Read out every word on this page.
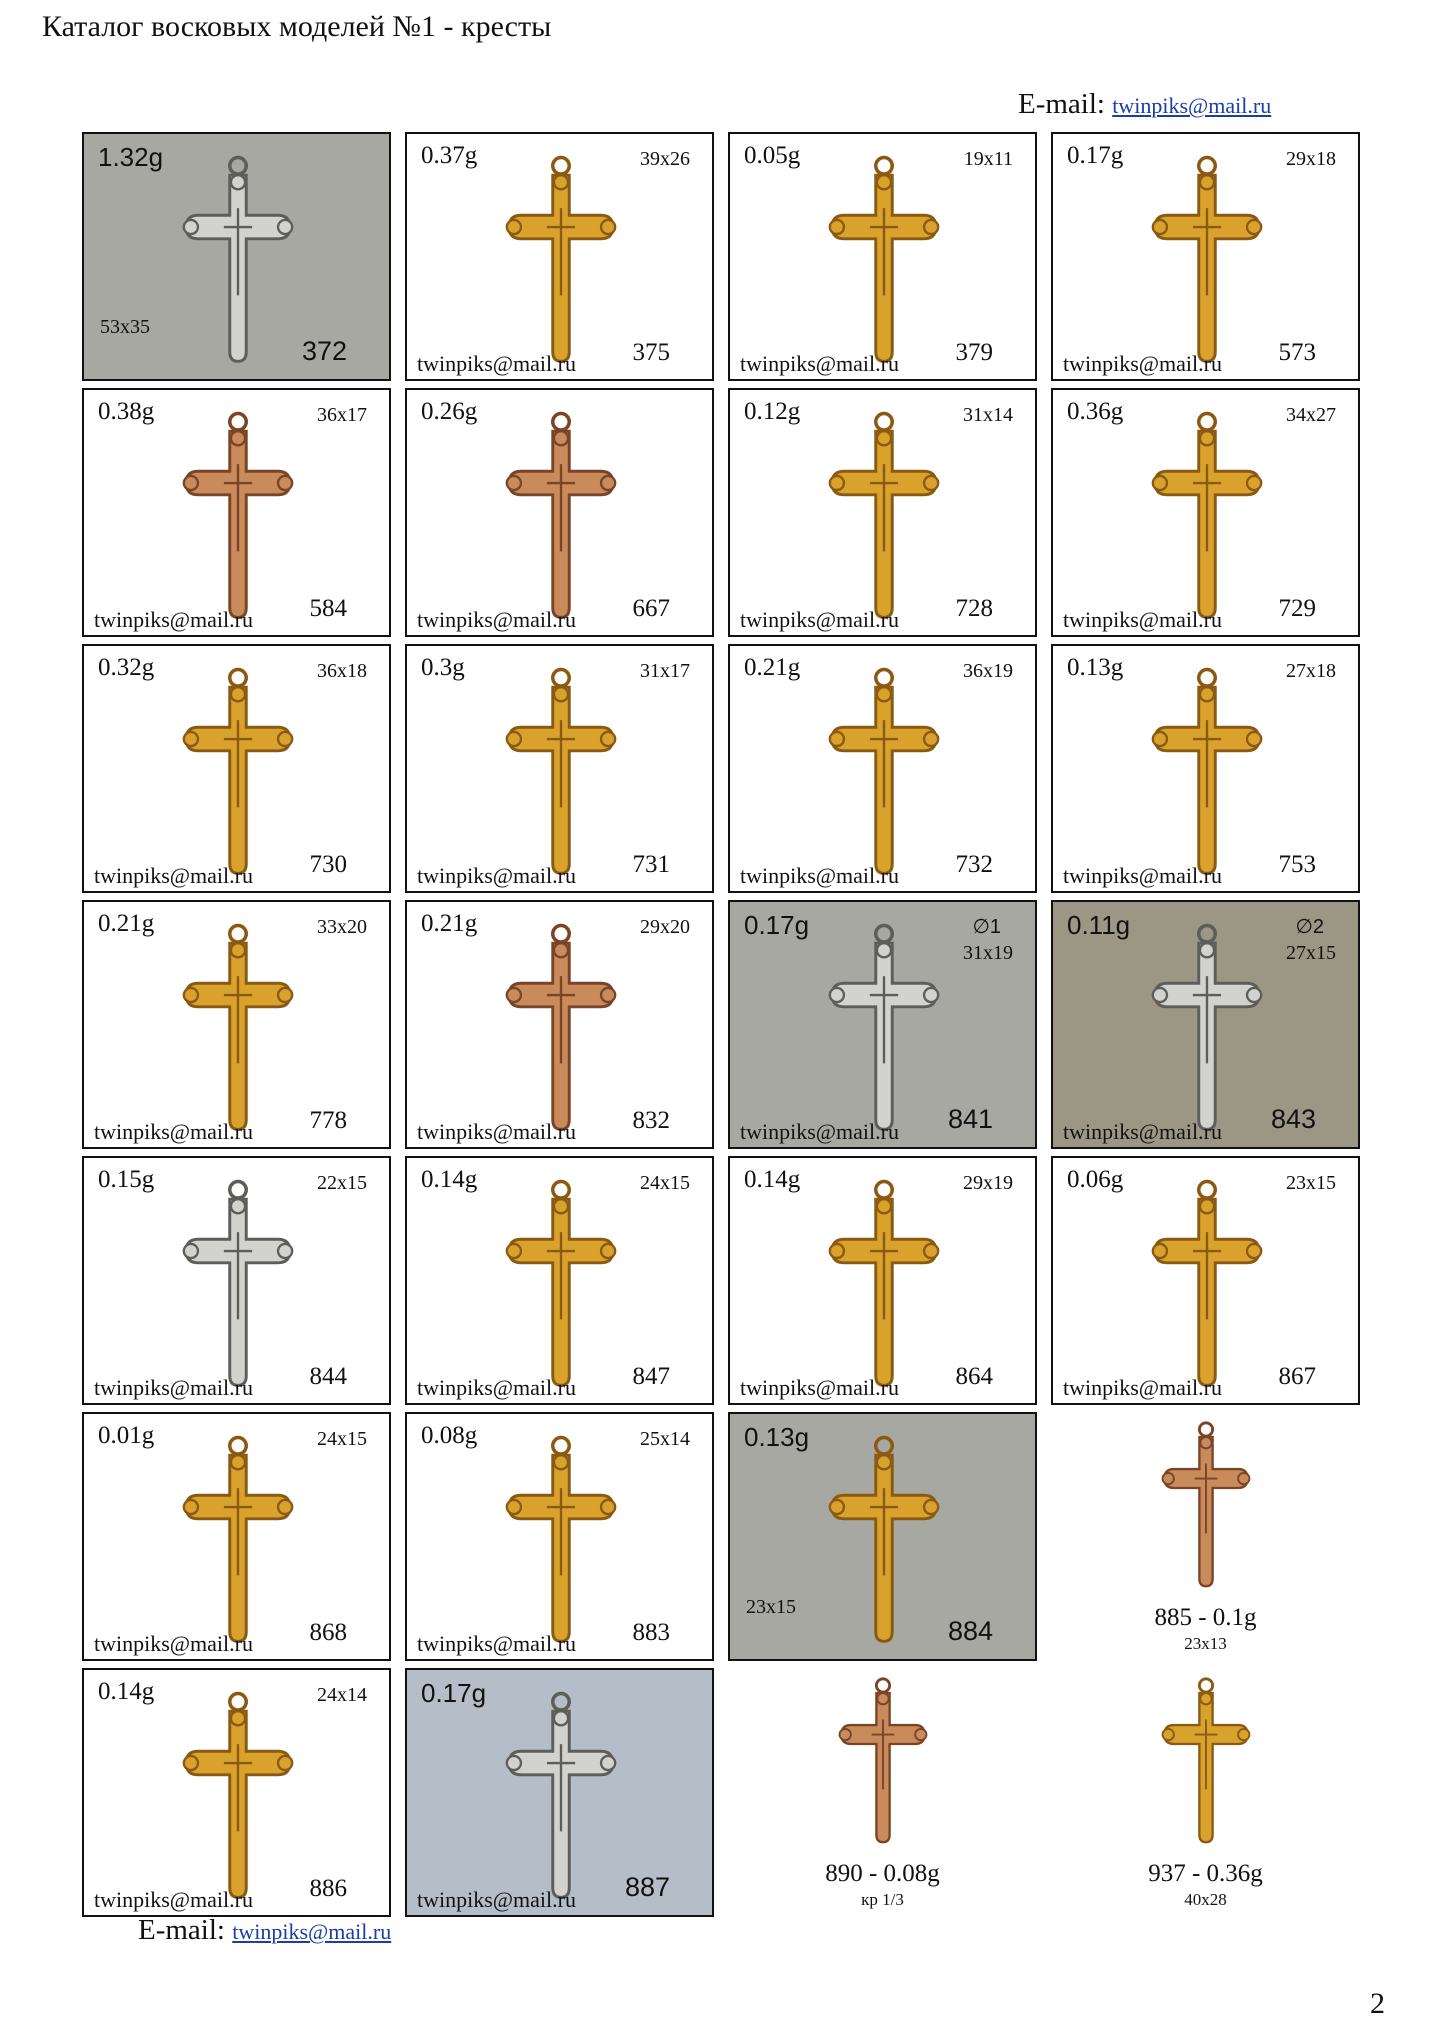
Каталог восковых моделей №1 - кресты
E-mail: twinpiks@mail.ru
1.32g
53x35
372
0.37g	39x26
twinpiks@mail.ru 375
0.05g	19x11
twinpiks@mail.ru 379
0.17g	29x18
twinpiks@mail.ru 573
0.38g	36x17
twinpiks@mail.ru 584
0.26g
twinpiks@mail.ru 667
0.12g	31x14
twinpiks@mail.ru 728
0.36g	34x27
twinpiks@mail.ru 729
0.32g	36x18
twinpiks@mail.ru 730
0.3g	31x17
twinpiks@mail.ru 731
0.21g	36x19
twinpiks@mail.ru 732
0.13g	27x18
twinpiks@mail.ru 753
0.21g	33x20
twinpiks@mail.ru 778
0.21g	29x20
twinpiks@mail.ru 832
0.17g	∅1
31x19
twinpiks@mail.ru 841
0.11g	∅2
27x15
twinpiks@mail.ru 843
0.15g	22x15
twinpiks@mail.ru 844
0.14g	24x15
twinpiks@mail.ru 847
0.14g	29x19
twinpiks@mail.ru 864
0.06g	23x15
twinpiks@mail.ru 867
0.01g	24x15
twinpiks@mail.ru 868
0.08g	25x14
twinpiks@mail.ru 883
0.13g
23x15
884	885 - 0.1g
23x13
0.14g	24x14
twinpiks@mail.ru 886
0.17g
twinpiks@mail.ru 887	890 - 0.08g
кр 1/3
937 - 0.36g
40x28
E-mail: twinpiks@mail.ru
2
